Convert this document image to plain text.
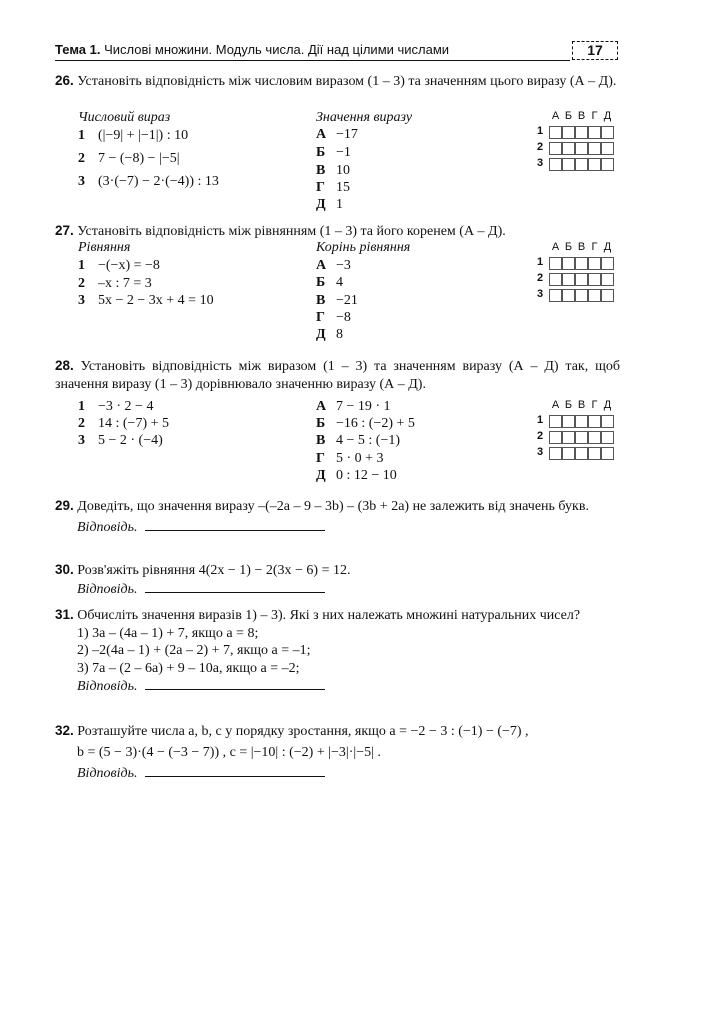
Тема 1. Числові множини. Модуль числа. Дії над цілими числами	17
26. Установіть відповідність між числовим виразом (1 – 3) та значенням цього виразу (А – Д).
Числовий вираз	Значення виразу
1 (|−9| + |−1|) : 10
2 7 − (−8) − |−5|
3 (3·(−7) − 2·(−4)) : 13
А −17
Б −1
В 10
Г 15
Д 1
А Б В Г Д
1
2
3
27. Установіть відповідність між рівнянням (1 – 3) та його коренем (А – Д).
Рівняння	Корінь рівняння
1 −(−x) = −8
2 –x : 7 = 3
3 5x − 2 − 3x + 4 = 10
А −3
Б 4
В −21
Г −8
Д 8
А Б В Г Д
1
2
3
28. Установіть відповідність між виразом (1 – 3) та значенням виразу (А – Д) так, щоб значення виразу (1 – 3) дорівнювало значенню виразу (А – Д).
1 −3 · 2 − 4
2 14 : (−7) + 5
3 5 − 2 · (−4)
А 7 − 19 · 1
Б −16 : (−2) + 5
В 4 − 5 : (−1)
Г 5 · 0 + 3
Д 0 : 12 − 10
А Б В Г Д
1
2
3
29. Доведіть, що значення виразу –(–2a – 9 – 3b) – (3b + 2a) не залежить від значень букв.
Відповідь.
30. Розв'яжіть рівняння 4(2x − 1) − 2(3x − 6) = 12.
Відповідь.
31. Обчисліть значення виразів 1) – 3). Які з них належать множині натуральних чисел?
1) 3a – (4a – 1) + 7, якщо a = 8;
2) –2(4a – 1) + (2a – 2) + 7, якщо a = –1;
3) 7a – (2 – 6a) + 9 – 10a, якщо a = –2;
Відповідь.
32. Розташуйте числа a, b, c у порядку зростання, якщо a = −2 − 3 : (−1) − (−7) ,
b = (5 − 3)·(4 − (−3 − 7)) , c = |−10| : (−2) + |−3|·|−5| .
Відповідь.
